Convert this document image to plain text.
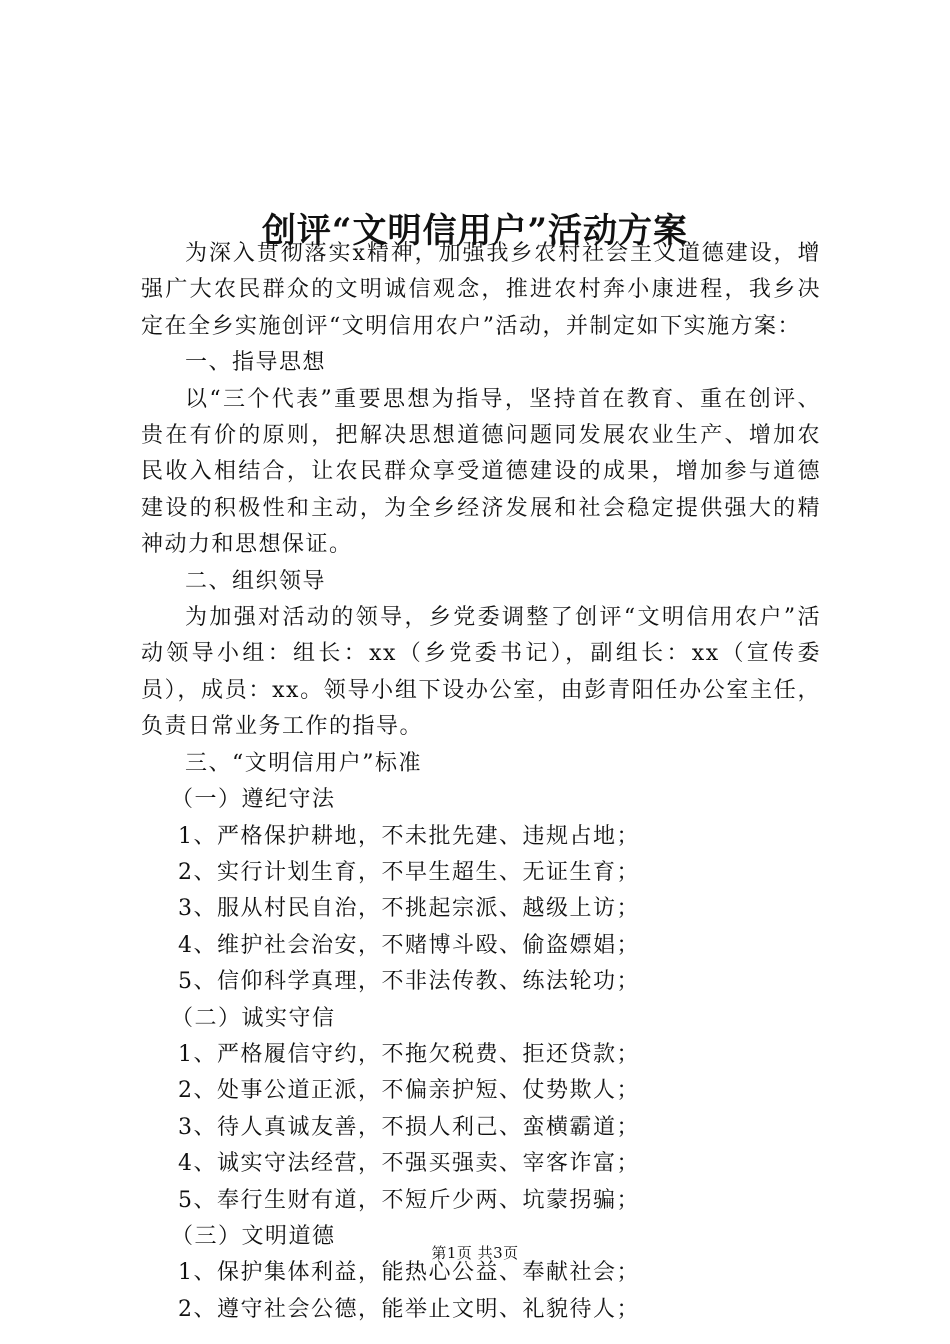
创评“文明信用户”活动方案

为深入贯彻落实x精神，加强我乡农村社会主义道德建设，增强广大农民群众的文明诚信观念，推进农村奔小康进程，我乡决定在全乡实施创评“文明信用农户”活动，并制定如下实施方案：

一、指导思想

以“三个代表”重要思想为指导，坚持首在教育、重在创评、贵在有价的原则，把解决思想道德问题同发展农业生产、增加农民收入相结合，让农民群众享受道德建设的成果，增加参与道德建设的积极性和主动，为全乡经济发展和社会稳定提供强大的精神动力和思想保证。

二、组织领导

为加强对活动的领导，乡党委调整了创评“文明信用农户”活动领导小组：组长：xx（乡党委书记），副组长：xx（宣传委员），成员：xx。领导小组下设办公室，由彭青阳任办公室主任，负责日常业务工作的指导。

三、“文明信用户”标准

（一）遵纪守法

1、严格保护耕地，不未批先建、违规占地；

2、实行计划生育，不早生超生、无证生育；

3、服从村民自治，不挑起宗派、越级上访；

4、维护社会治安，不赌博斗殴、偷盗嫖娼；

5、信仰科学真理，不非法传教、练法轮功；

（二）诚实守信

1、严格履信守约，不拖欠税费、拒还贷款；

2、处事公道正派，不偏亲护短、仗势欺人；

3、待人真诚友善，不损人利己、蛮横霸道；

4、诚实守法经营，不强买强卖、宰客诈富；

5、奉行生财有道，不短斤少两、坑蒙拐骗；

（三）文明道德

1、保护集体利益，能热心公益、奉献社会；

2、遵守社会公德，能举止文明、礼貌待人；

第1页 共3页
